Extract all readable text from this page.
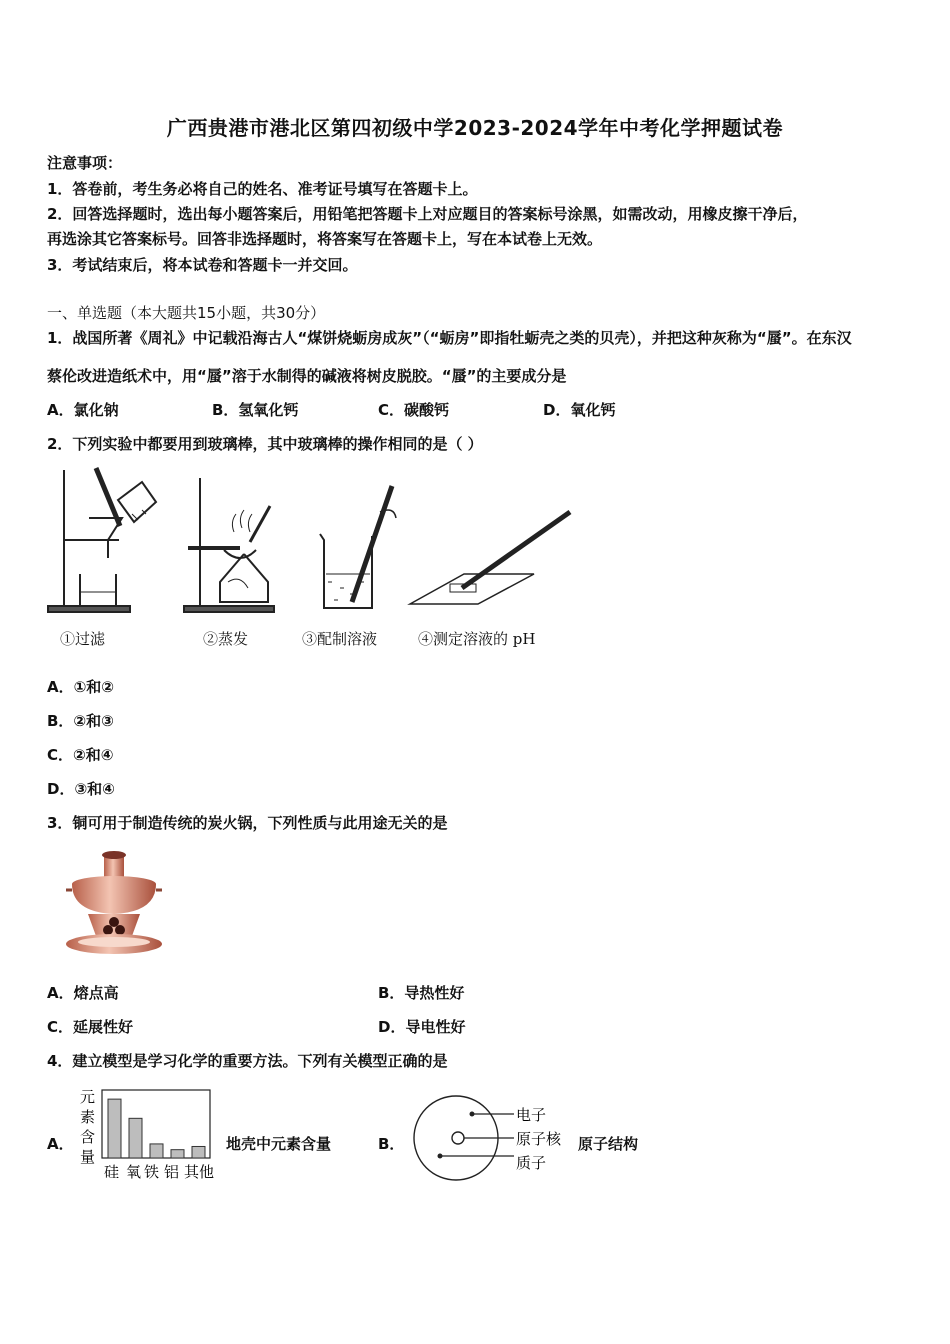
广西贵港市港北区第四初级中学2023-2024学年中考化学押题试卷
注意事项：
1．答卷前，考生务必将自己的姓名、准考证号填写在答题卡上。
2．回答选择题时，选出每小题答案后，用铅笔把答题卡上对应题目的答案标号涂黑，如需改动，用橡皮擦干净后，
再选涂其它答案标号。回答非选择题时，将答案写在答题卡上，写在本试卷上无效。
3．考试结束后，将本试卷和答题卡一并交回。
一、单选题（本大题共15小题，共30分）
1．战国所著《周礼》中记载沿海古人“煤饼烧蛎房成灰”（“蛎房”即指牡蛎壳之类的贝壳），并把这种灰称为“蜃”。在东汉
蔡伦改进造纸术中，用“蜃”溶于水制得的碱液将树皮脱胶。“蜃”的主要成分是
A．氯化钠	B．氢氧化钙	C．碳酸钙	D．氧化钙
2．下列实验中都要用到玻璃棒，其中玻璃棒的操作相同的是（ ）
①过滤	②蒸发	③配制溶液	④测定溶液的 pH
A．①和②
B．②和③
C．②和④
D．③和④
3．铜可用于制造传统的炭火锅，下列性质与此用途无关的是
A．熔点高	B．导热性好
C．延展性好	D．导电性好
4．建立模型是学习化学的重要方法。下列有关模型正确的是
A．
元
素
含
量
硅 氧 铁 铝 其他
地壳中元素含量	B．
电子
原子核
质子
原子结构
